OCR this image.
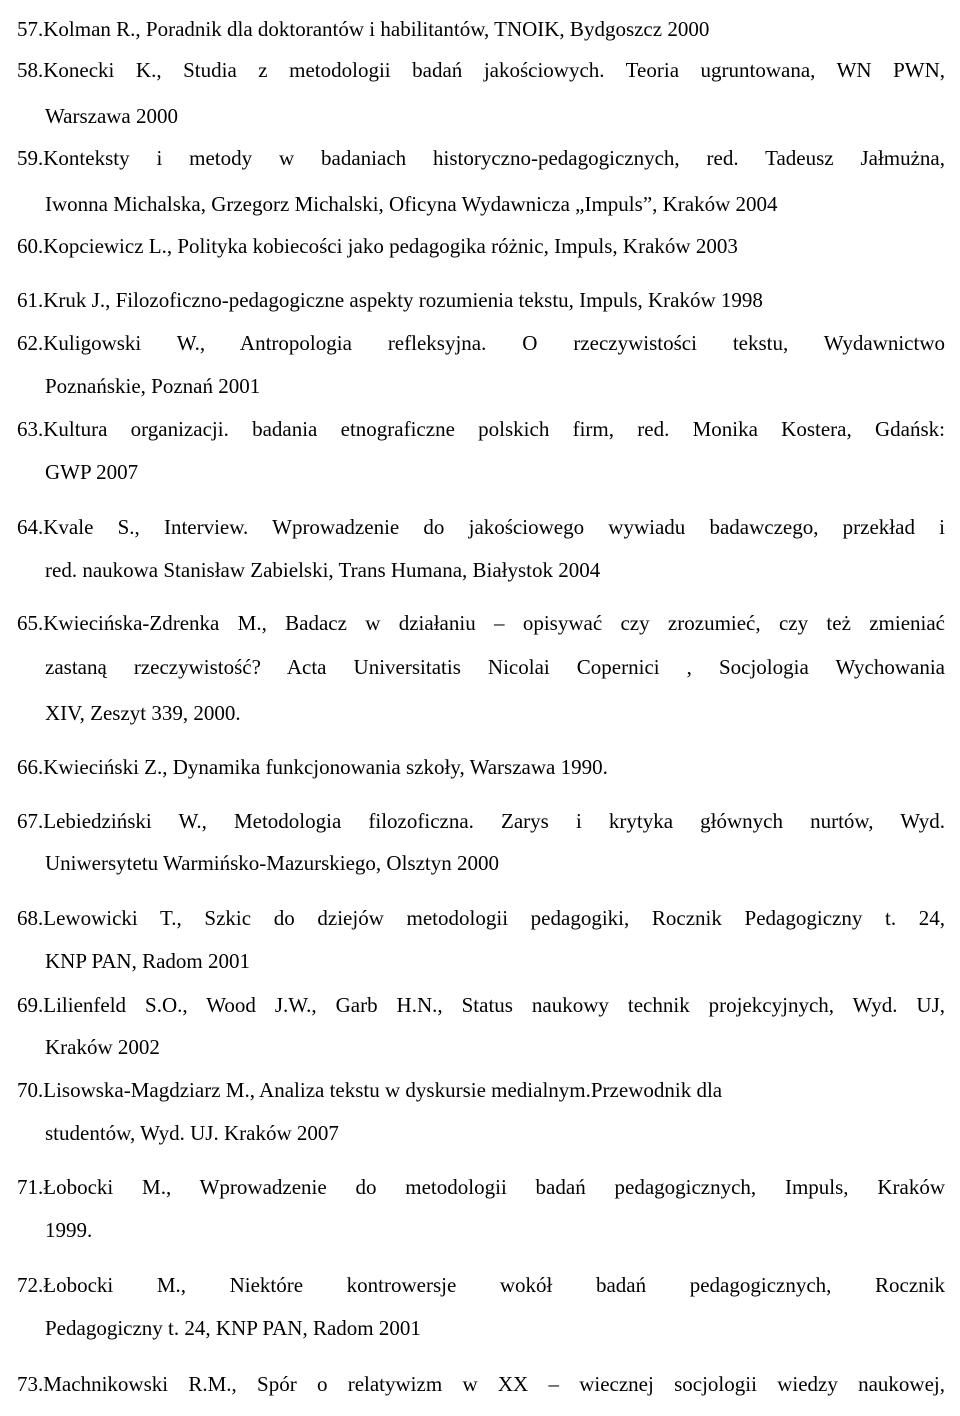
57.Kolman R., Poradnik dla doktorantów i habilitantów, TNOIK, Bydgoszcz 2000
58.Konecki K., Studia z metodologii badań jakościowych. Teoria ugruntowana, WN PWN,
Warszawa 2000
59.Konteksty i metody w badaniach historyczno-pedagogicznych, red. Tadeusz Jałmużna,
Iwonna Michalska, Grzegorz Michalski, Oficyna Wydawnicza „Impuls”, Kraków 2004
60.Kopciewicz L., Polityka kobiecości jako pedagogika różnic, Impuls, Kraków 2003
61.Kruk J., Filozoficzno-pedagogiczne aspekty rozumienia tekstu, Impuls, Kraków 1998
62.Kuligowski W., Antropologia refleksyjna. O rzeczywistości tekstu, Wydawnictwo
Poznańskie, Poznań 2001
63.Kultura organizacji. badania etnograficzne polskich firm, red. Monika Kostera, Gdańsk:
GWP 2007
64.Kvale S., Interview. Wprowadzenie do jakościowego wywiadu badawczego, przekład i
red. naukowa Stanisław Zabielski, Trans Humana, Białystok 2004
65.Kwiecińska-Zdrenka M., Badacz w działaniu – opisywać czy zrozumieć, czy też zmieniać
zastaną rzeczywistość? Acta Universitatis Nicolai Copernici , Socjologia Wychowania
XIV, Zeszyt 339, 2000.
66.Kwieciński Z., Dynamika funkcjonowania szkoły, Warszawa 1990.
67.Lebiedziński W., Metodologia filozoficzna. Zarys i krytyka głównych nurtów, Wyd.
Uniwersytetu Warmińsko-Mazurskiego, Olsztyn 2000
68.Lewowicki T., Szkic do dziejów metodologii pedagogiki, Rocznik Pedagogiczny t. 24,
KNP PAN, Radom 2001
69.Lilienfeld S.O., Wood J.W., Garb H.N., Status naukowy technik projekcyjnych, Wyd. UJ,
Kraków 2002
70.Lisowska-Magdziarz M., Analiza tekstu w dyskursie medialnym.Przewodnik dla
studentów, Wyd. UJ. Kraków 2007
71.Łobocki M., Wprowadzenie do metodologii badań pedagogicznych, Impuls, Kraków
1999.
72.Łobocki M., Niektóre kontrowersje wokół badań pedagogicznych, Rocznik
Pedagogiczny t. 24, KNP PAN, Radom 2001
73.Machnikowski R.M., Spór o relatywizm w XX – wiecznej socjologii wiedzy naukowej,
